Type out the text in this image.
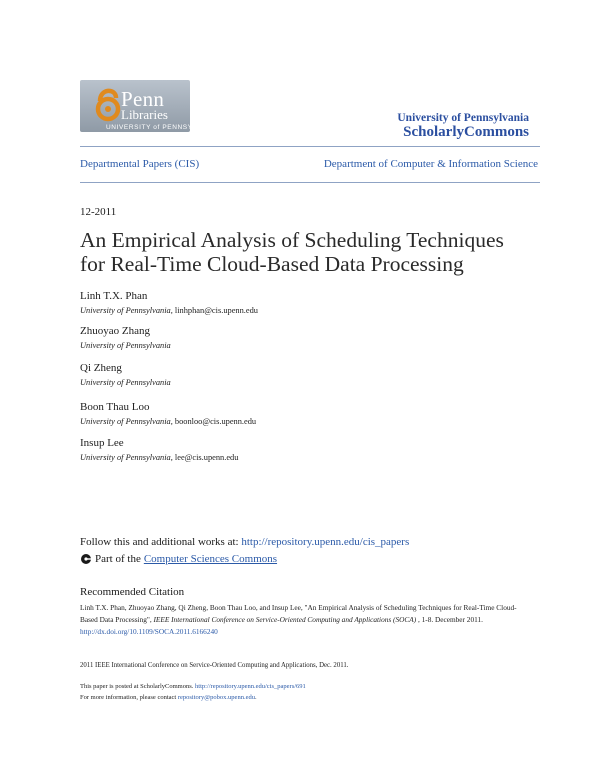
Penn
Libraries
UNIVERSITY of PENNSYLVANIA
University of Pennsylvania
ScholarlyCommons
Departmental Papers (CIS)	Department of Computer & Information Science
12-2011
An Empirical Analysis of Scheduling Techniques
for Real-Time Cloud-Based Data Processing
Linh T.X. Phan
University of Pennsylvania, linhphan@cis.upenn.edu
Zhuoyao Zhang
University of Pennsylvania
Qi Zheng
University of Pennsylvania
Boon Thau Loo
University of Pennsylvania, boonloo@cis.upenn.edu
Insup Lee
University of Pennsylvania, lee@cis.upenn.edu
Follow this and additional works at: http://repository.upenn.edu/cis_papers
Part of the Computer Sciences Commons
Recommended Citation
Linh T.X. Phan, Zhuoyao Zhang, Qi Zheng, Boon Thau Loo, and Insup Lee, "An Empirical Analysis of Scheduling Techniques for Real-Time Cloud-Based Data Processing", IEEE International Conference on Service-Oriented Computing and Applications (SOCA) , 1-8. December 2011. http://dx.doi.org/10.1109/SOCA.2011.6166240
2011 IEEE International Conference on Service-Oriented Computing and Applications, Dec. 2011.
This paper is posted at ScholarlyCommons. http://repository.upenn.edu/cis_papers/691
For more information, please contact repository@pobox.upenn.edu.
